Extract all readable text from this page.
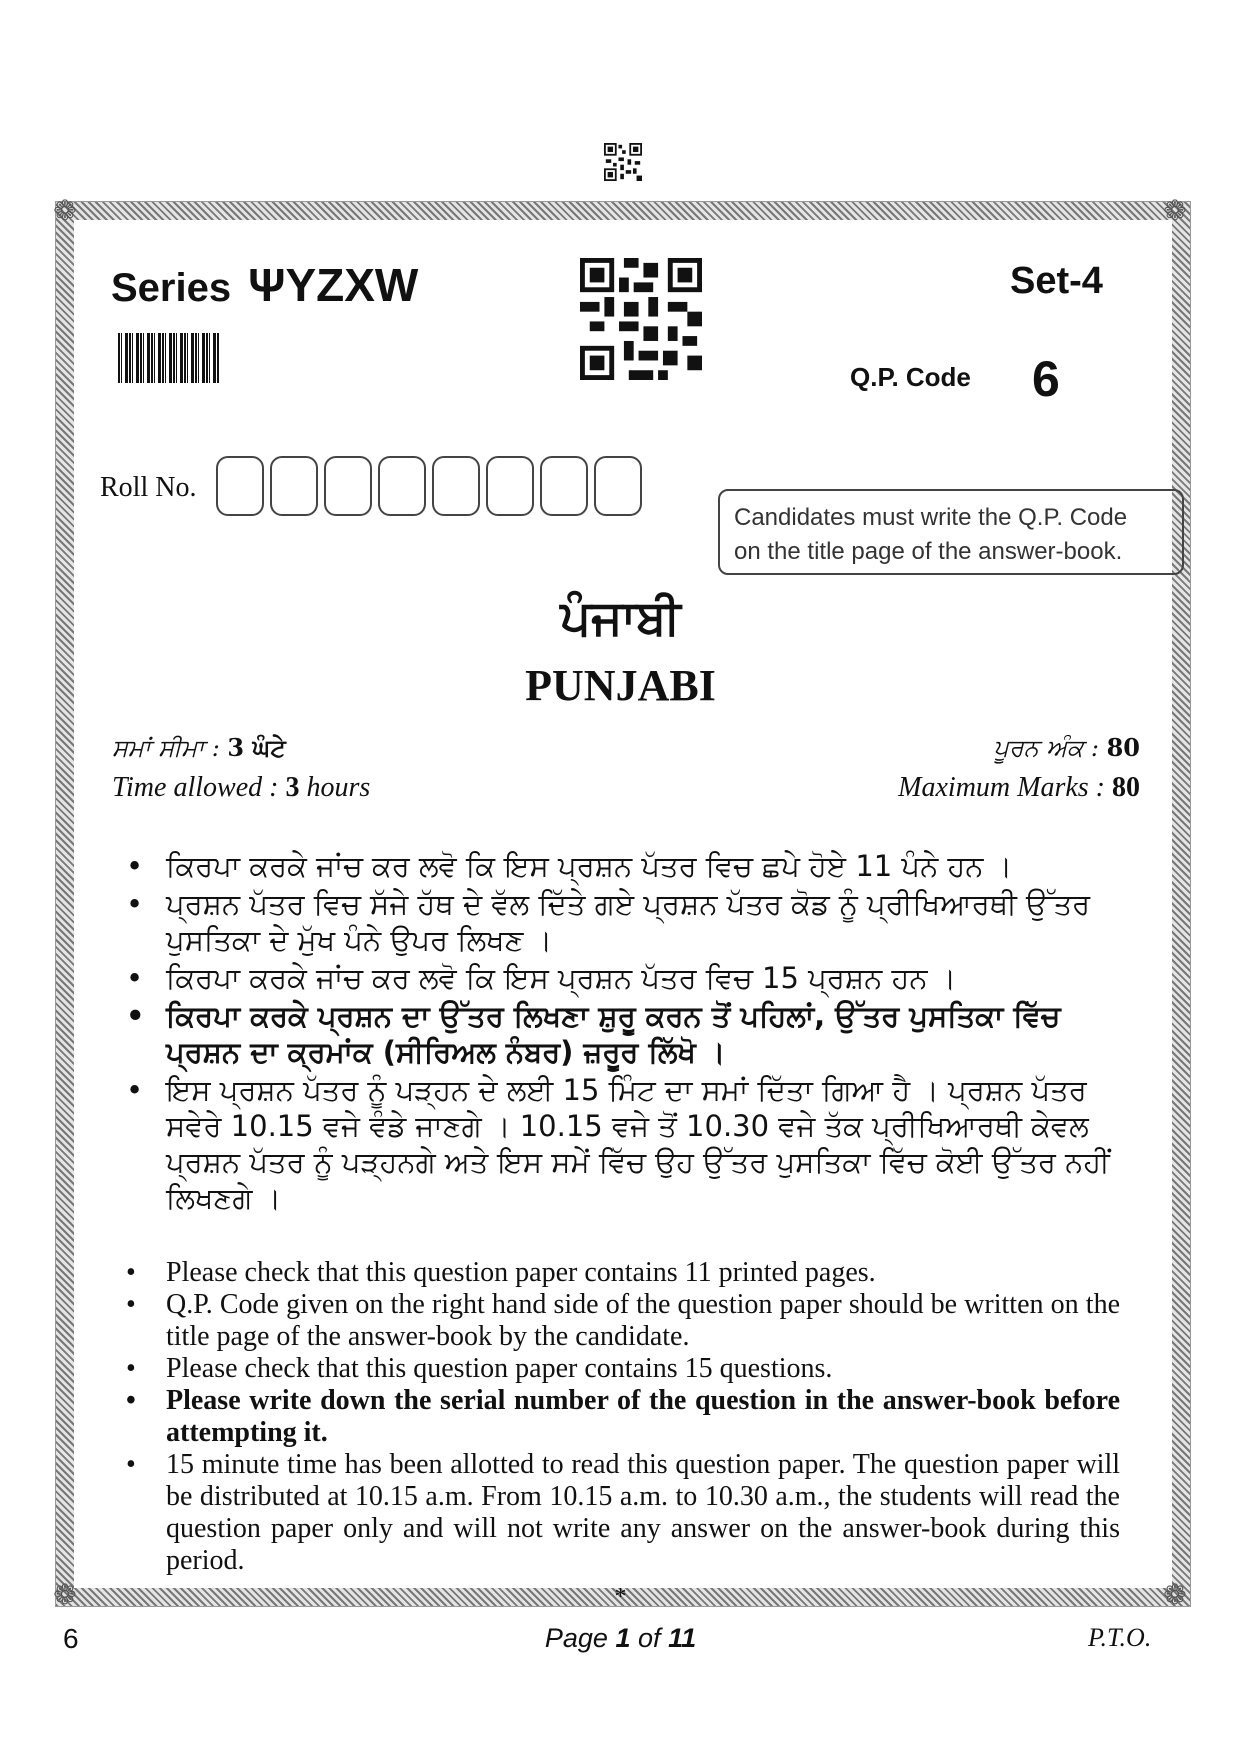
❁	❁
❁	❁
Series ΨYZXW	Set-4
Q.P. Code 6
Roll No.
Candidates must write the Q.P. Code
on the title page of the answer-book.
ਪੰਜਾਬੀ
PUNJABI
ਸਮਾਂ ਸੀਮਾ : 3 ਘੰਟੇ	ਪੂਰਨ ਅੰਕ : 80
Time allowed : 3 hours	Maximum Marks : 80
• ਕਿਰਪਾ ਕਰਕੇ ਜਾਂਚ ਕਰ ਲਵੋ ਕਿ ਇਸ ਪ੍ਰਸ਼ਨ ਪੱਤਰ ਵਿਚ ਛਪੇ ਹੋਏ 11 ਪੰਨੇ ਹਨ ।
• ਪ੍ਰਸ਼ਨ ਪੱਤਰ ਵਿਚ ਸੱਜੇ ਹੱਥ ਦੇ ਵੱਲ ਦਿੱਤੇ ਗਏ ਪ੍ਰਸ਼ਨ ਪੱਤਰ ਕੋਡ ਨੂੰ ਪ੍ਰੀਖਿਆਰਥੀ ਉੱਤਰ ਪੁਸਤਿਕਾ ਦੇ ਮੁੱਖ ਪੰਨੇ ਉਪਰ ਲਿਖਣ ।
• ਕਿਰਪਾ ਕਰਕੇ ਜਾਂਚ ਕਰ ਲਵੋ ਕਿ ਇਸ ਪ੍ਰਸ਼ਨ ਪੱਤਰ ਵਿਚ 15 ਪ੍ਰਸ਼ਨ ਹਨ ।
• ਕਿਰਪਾ ਕਰਕੇ ਪ੍ਰਸ਼ਨ ਦਾ ਉੱਤਰ ਲਿਖਣਾ ਸ਼ੁਰੂ ਕਰਨ ਤੋਂ ਪਹਿਲਾਂ, ਉੱਤਰ ਪੁਸਤਿਕਾ ਵਿੱਚ ਪ੍ਰਸ਼ਨ ਦਾ ਕ੍ਰਮਾਂਕ (ਸੀਰਿਅਲ ਨੰਬਰ) ਜ਼ਰੂਰ ਲਿੱਖੋ ।
• ਇਸ ਪ੍ਰਸ਼ਨ ਪੱਤਰ ਨੂੰ ਪੜ੍ਹਨ ਦੇ ਲਈ 15 ਮਿੰਟ ਦਾ ਸਮਾਂ ਦਿੱਤਾ ਗਿਆ ਹੈ । ਪ੍ਰਸ਼ਨ ਪੱਤਰ ਸਵੇਰੇ 10.15 ਵਜੇ ਵੰਡੇ ਜਾਣਗੇ । 10.15 ਵਜੇ ਤੋਂ 10.30 ਵਜੇ ਤੱਕ ਪ੍ਰੀਖਿਆਰਥੀ ਕੇਵਲ ਪ੍ਰਸ਼ਨ ਪੱਤਰ ਨੂੰ ਪੜ੍ਹਨਗੇ ਅਤੇ ਇਸ ਸਮੇਂ ਵਿੱਚ ਉਹ ਉੱਤਰ ਪੁਸਤਿਕਾ ਵਿੱਚ ਕੋਈ ਉੱਤਰ ਨਹੀਂ ਲਿਖਣਗੇ ।
• Please check that this question paper contains 11 printed pages.
• Q.P. Code given on the right hand side of the question paper should be written on the title page of the answer-book by the candidate.
• Please check that this question paper contains 15 questions.
• Please write down the serial number of the question in the answer-book before attempting it.
• 15 minute time has been allotted to read this question paper. The question paper will be distributed at 10.15 a.m. From 10.15 a.m. to 10.30 a.m., the students will read the question paper only and will not write any answer on the answer-book during this period.
*
6	Page 1 of 11	P.T.O.
